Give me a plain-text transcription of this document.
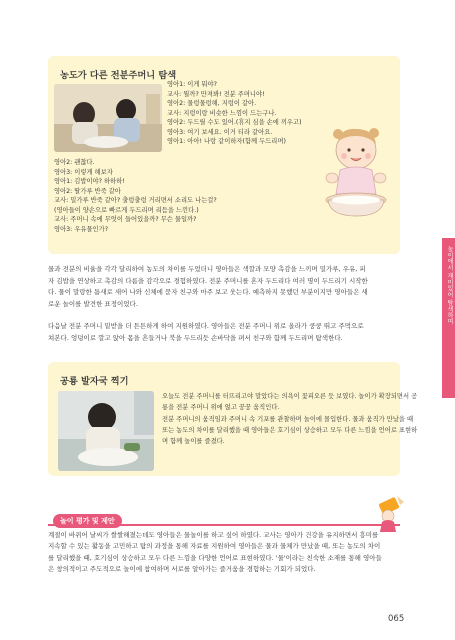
놀이에서 재미있어 탐색하며
농도가 다른 전분주머니 탐색
영아1: 이게 뭐야?
교사: 뭘까? 만져봐! 전분 주머니야!
영아2: 물렁물렁해, 지렁이 같아.
교사: 지렁이랑 비슷한 느낌이 드는구나.
영아2: 두드릴 수도 있어.(휴지 심을 손에 끼우고)
영아3: 여기 보세요. 이거 티라 같아요.
영아1: 아아! 나랑 같이하자(함께 두드리며)
영아2: 괜찮다.
영아3: 이렇게 해보자
영아1: 김밥이야? 하하하!
영아2: 딸가루 반죽 같아
교사: 밀가루 반죽 같아? 출렁출렁 거리면서 소리도 나는걸?
(영아들이 양손으로 빠르게 두드리며 리듬을 느낀다.)
교사: 주머니 속에 무엇이 들어있을까? 무슨 물일까?
영아3: 우유물인가?
물과 전분의 비율을 각각 달리하여 농도의 차이를 두었더니 영아들은 색깔과 모양 촉감을 느끼며 밀가루, 우유, 피
자 김밥을 연상하고 촉감의 다름을 감각으로 경험하였다. 전분 주머니를 혼자 두드리다 여러 명이 두드리기 시작한
다. 물이 말랑한 틈새로 새어 나와 신체에 묻자 친구와 마주 보고 웃는다. 예측하지 못했던 부분이지만 영아들은 새
로운 놀이를 발견한 표정이었다.
다음날 전분 주머니 밑받을 더 튼튼하게 하여 지원하였다. 영아들은 전분 주머니 위로 올라가 쿵쿵 뛰고 주먹으로
쳐본다. 엉덩이로 깔고 앉아 몸을 흔들거나 북을 두드리듯 손바닥을 펴서 친구와 함께 두드리며 탐색한다.
공룡 발자국 찍기
오늘도 전분 주머니를 터뜨리고야 말았다는 의욕이 꽃피오른 듯 보였다. 놀이가 확장되면서 공
룡을 전분 주머니 위에 얹고 꿍꿍 움직인다.
전분 주머니의 움직임과 주머니 속 기포를 관찰하며 놀이에 몰입한다. 물과 움직가 만났을 때
또는 농도의 차이를 달리했을 때 영아들은 호기심이 상승하고 모두 다른 느낌을 언어로 표현하
며 함께 놀이를 즐겼다.
놀이 평가 및 제안
계절이 바뀌어 날씨가 쌀쌀해졌는데도 영아들은 물놀이를 하고 싶어 하였다. 교사는 영아가 건강을 유지하면서 흥미를
지속할 수 있는 활동을 고민하고 탐의 과정을 통해 자료를 지원하여 영아들은 물과 물체가 만났을 때, 또는 농도의 차이
를 달리했을 때, 호기심이 상승하고 모두 다른 느낌을 다양한 언어로 표현하였다. '물'이라는 친숙한 소재를 통해 영아들
은 창의적이고 주도적으로 놀이에 참여하며 서로를 알아가는 즐거움을 경험하는 기회가 되었다.
065
